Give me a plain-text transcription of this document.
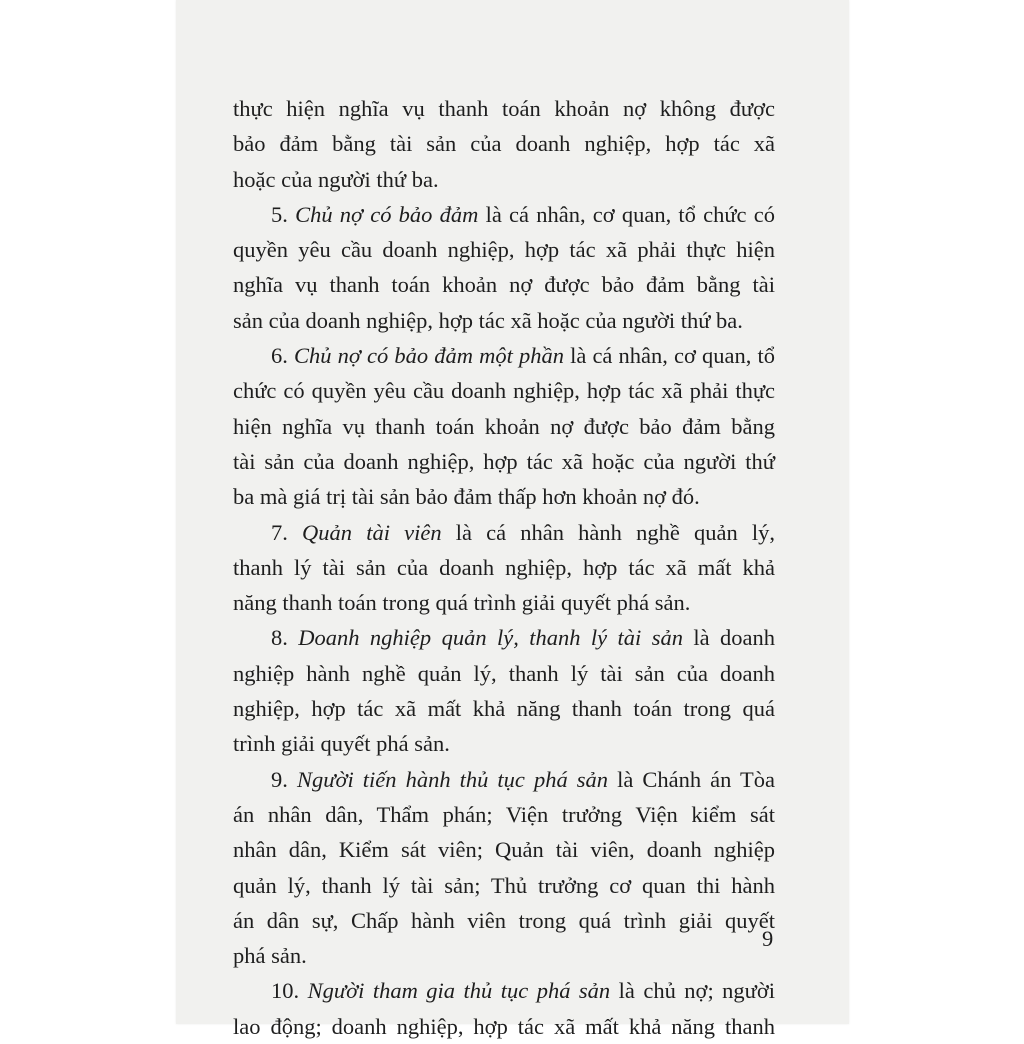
thực hiện nghĩa vụ thanh toán khoản nợ không được
bảo đảm bằng tài sản của doanh nghiệp, hợp tác xã
hoặc của người thứ ba.
5. Chủ nợ có bảo đảm là cá nhân, cơ quan, tổ chức có
quyền yêu cầu doanh nghiệp, hợp tác xã phải thực hiện
nghĩa vụ thanh toán khoản nợ được bảo đảm bằng tài
sản của doanh nghiệp, hợp tác xã hoặc của người thứ ba.
6. Chủ nợ có bảo đảm một phần là cá nhân, cơ quan, tổ
chức có quyền yêu cầu doanh nghiệp, hợp tác xã phải thực
hiện nghĩa vụ thanh toán khoản nợ được bảo đảm bằng
tài sản của doanh nghiệp, hợp tác xã hoặc của người thứ
ba mà giá trị tài sản bảo đảm thấp hơn khoản nợ đó.
7. Quản tài viên là cá nhân hành nghề quản lý,
thanh lý tài sản của doanh nghiệp, hợp tác xã mất khả
năng thanh toán trong quá trình giải quyết phá sản.
8. Doanh nghiệp quản lý, thanh lý tài sản là doanh
nghiệp hành nghề quản lý, thanh lý tài sản của doanh
nghiệp, hợp tác xã mất khả năng thanh toán trong quá
trình giải quyết phá sản.
9. Người tiến hành thủ tục phá sản là Chánh án Tòa
án nhân dân, Thẩm phán; Viện trưởng Viện kiểm sát
nhân dân, Kiểm sát viên; Quản tài viên, doanh nghiệp
quản lý, thanh lý tài sản; Thủ trưởng cơ quan thi hành
án dân sự, Chấp hành viên trong quá trình giải quyết
phá sản.
10. Người tham gia thủ tục phá sản là chủ nợ; người
lao động; doanh nghiệp, hợp tác xã mất khả năng thanh
9
